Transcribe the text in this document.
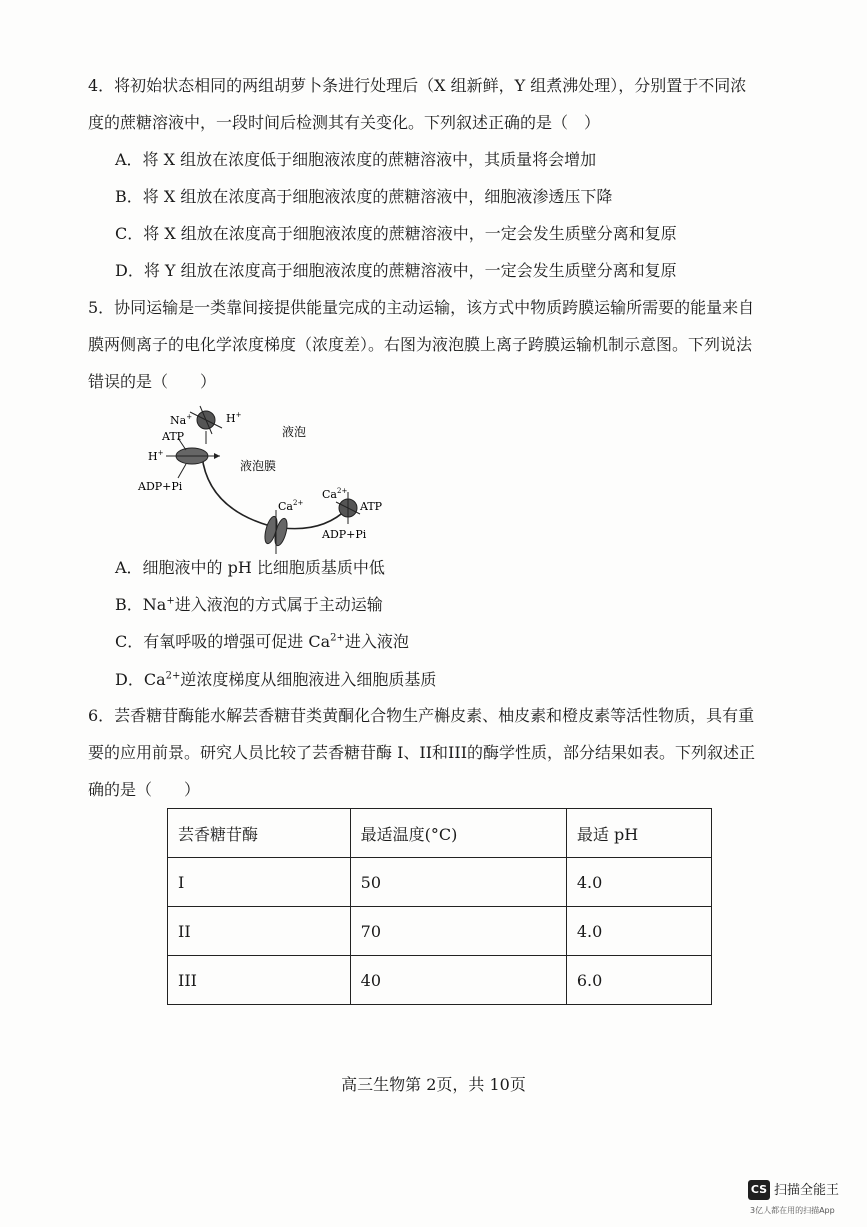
4．将初始状态相同的两组胡萝卜条进行处理后（X 组新鲜，Y 组煮沸处理），分别置于不同浓
度的蔗糖溶液中，一段时间后检测其有关变化。下列叙述正确的是（　）
A．将 X 组放在浓度低于细胞液浓度的蔗糖溶液中，其质量将会增加
B．将 X 组放在浓度高于细胞液浓度的蔗糖溶液中，细胞液渗透压下降
C．将 X 组放在浓度高于细胞液浓度的蔗糖溶液中，一定会发生质壁分离和复原
D．将 Y 组放在浓度高于细胞液浓度的蔗糖溶液中，一定会发生质壁分离和复原
5．协同运输是一类靠间接提供能量完成的主动运输，该方式中物质跨膜运输所需要的能量来自
膜两侧离子的电化学浓度梯度（浓度差）。右图为液泡膜上离子跨膜运输机制示意图。下列说法
错误的是（　　）
Na+	H+
ATP
H+
ADP+Pi
液泡
液泡膜
$Ca^{2+}$
$Ca^{2+}$
ATP
ADP+Pi
A．细胞液中的 pH 比细胞质基质中低
B．Na+进入液泡的方式属于主动运输
C．有氧呼吸的增强可促进 $Ca^{2+}$进入液泡
D．$Ca^{2+}$逆浓度梯度从细胞液进入细胞质基质
6．芸香糖苷酶能水解芸香糖苷类黄酮化合物生产槲皮素、柚皮素和橙皮素等活性物质，具有重
要的应用前景。研究人员比较了芸香糖苷酶 I、II和III的酶学性质，部分结果如表。下列叙述正
确的是（　　）
芸香糖苷酶	最适温度(°C)	最适 pH
I	50	4.0
II	70	4.0
III	40	6.0
高三生物第 2页，共 10页
CS 扫描全能王
3亿人都在用的扫描App
